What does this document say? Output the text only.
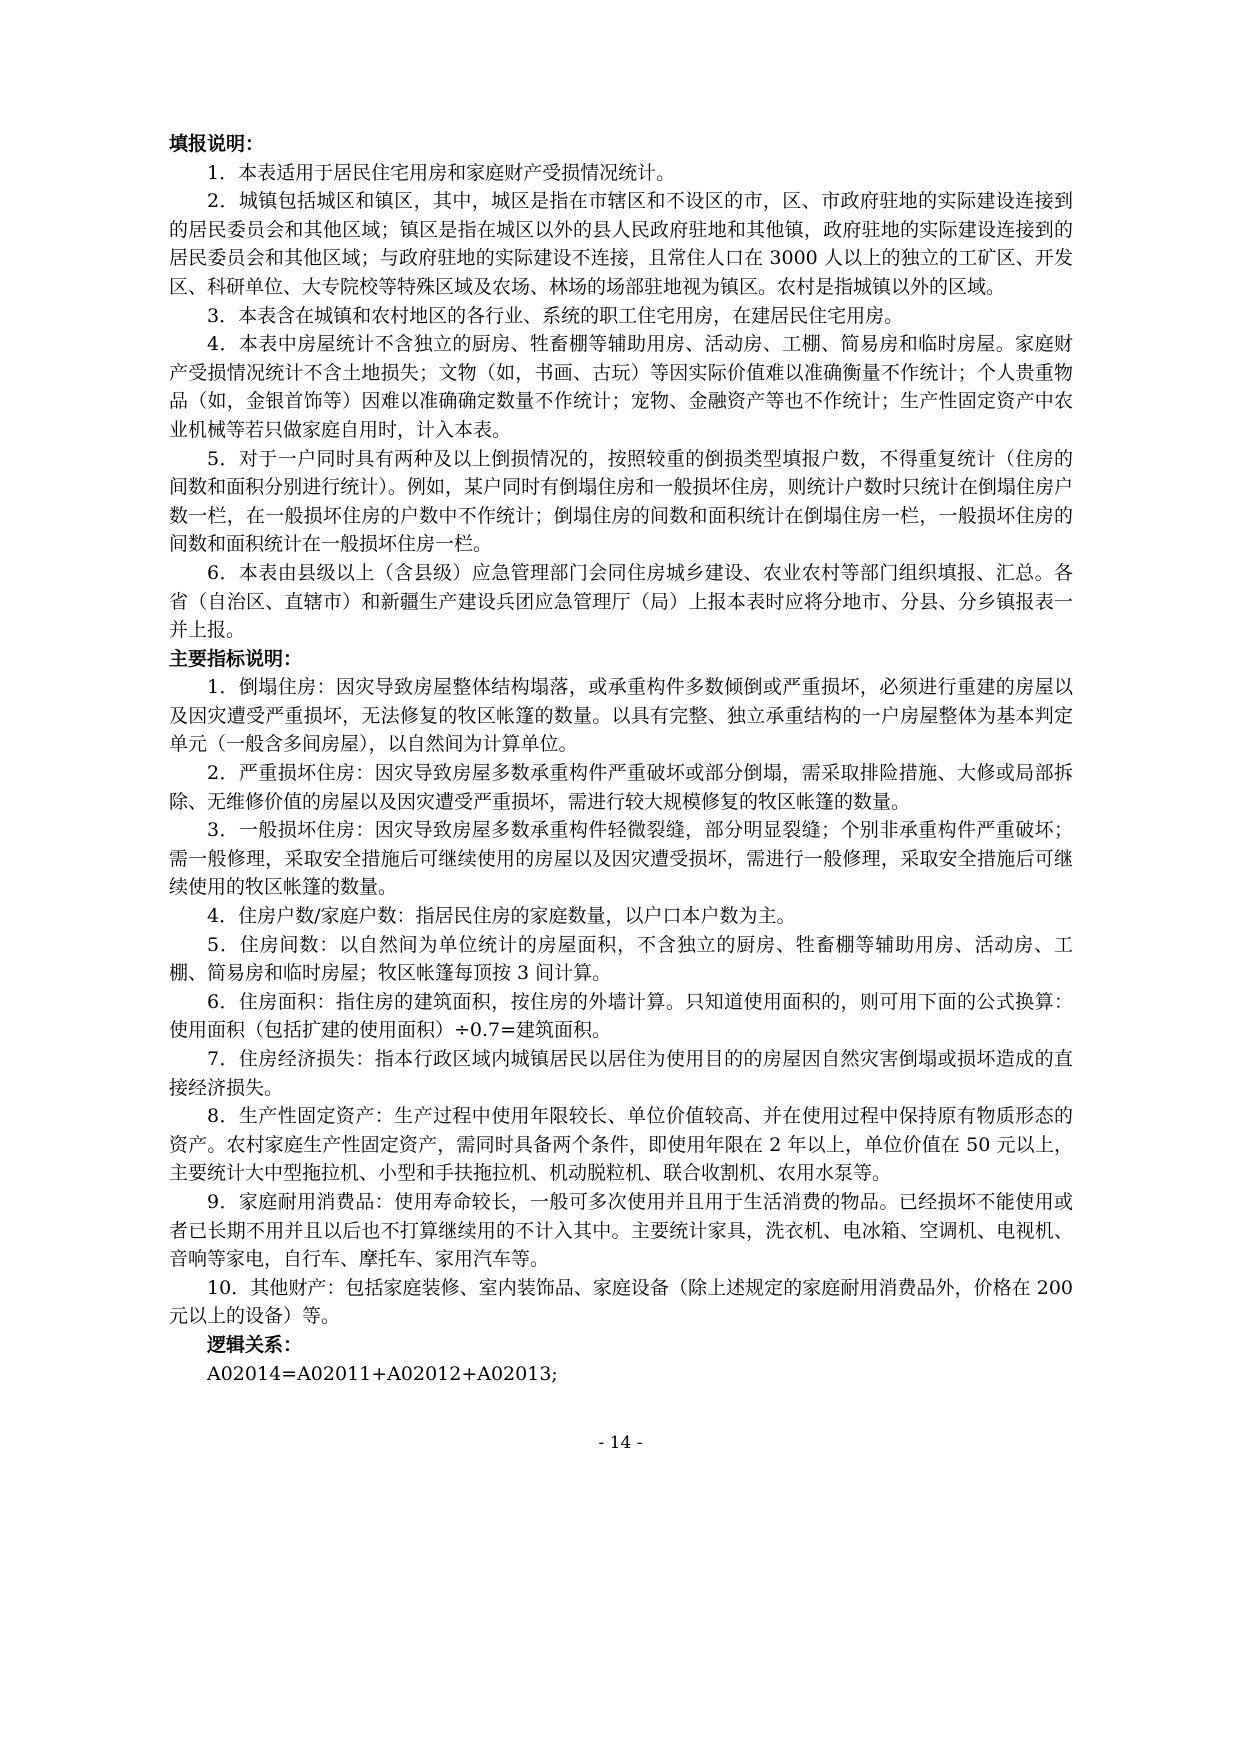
填报说明：

1．本表适用于居民住宅用房和家庭财产受损情况统计。

2．城镇包括城区和镇区，其中，城区是指在市辖区和不设区的市，区、市政府驻地的实际建设连接到的居民委员会和其他区域；镇区是指在城区以外的县人民政府驻地和其他镇，政府驻地的实际建设连接到的居民委员会和其他区域；与政府驻地的实际建设不连接，且常住人口在 3000 人以上的独立的工矿区、开发区、科研单位、大专院校等特殊区域及农场、林场的场部驻地视为镇区。农村是指城镇以外的区域。

3．本表含在城镇和农村地区的各行业、系统的职工住宅用房，在建居民住宅用房。

4．本表中房屋统计不含独立的厨房、牲畜棚等辅助用房、活动房、工棚、简易房和临时房屋。家庭财产受损情况统计不含土地损失；文物（如，书画、古玩）等因实际价值难以准确衡量不作统计；个人贵重物品（如，金银首饰等）因难以准确确定数量不作统计；宠物、金融资产等也不作统计；生产性固定资产中农业机械等若只做家庭自用时，计入本表。

5．对于一户同时具有两种及以上倒损情况的，按照较重的倒损类型填报户数，不得重复统计（住房的间数和面积分别进行统计）。例如，某户同时有倒塌住房和一般损坏住房，则统计户数时只统计在倒塌住房户数一栏，在一般损坏住房的户数中不作统计；倒塌住房的间数和面积统计在倒塌住房一栏，一般损坏住房的间数和面积统计在一般损坏住房一栏。

6．本表由县级以上（含县级）应急管理部门会同住房城乡建设、农业农村等部门组织填报、汇总。各省（自治区、直辖市）和新疆生产建设兵团应急管理厅（局）上报本表时应将分地市、分县、分乡镇报表一并上报。

主要指标说明：

1．倒塌住房：因灾导致房屋整体结构塌落，或承重构件多数倾倒或严重损坏，必须进行重建的房屋以及因灾遭受严重损坏，无法修复的牧区帐篷的数量。以具有完整、独立承重结构的一户房屋整体为基本判定单元（一般含多间房屋），以自然间为计算单位。

2．严重损坏住房：因灾导致房屋多数承重构件严重破坏或部分倒塌，需采取排险措施、大修或局部拆除、无维修价值的房屋以及因灾遭受严重损坏，需进行较大规模修复的牧区帐篷的数量。

3．一般损坏住房：因灾导致房屋多数承重构件轻微裂缝，部分明显裂缝；个别非承重构件严重破坏；需一般修理，采取安全措施后可继续使用的房屋以及因灾遭受损坏，需进行一般修理，采取安全措施后可继续使用的牧区帐篷的数量。

4．住房户数/家庭户数：指居民住房的家庭数量，以户口本户数为主。

5．住房间数：以自然间为单位统计的房屋面积，不含独立的厨房、牲畜棚等辅助用房、活动房、工棚、简易房和临时房屋；牧区帐篷每顶按 3 间计算。

6．住房面积：指住房的建筑面积，按住房的外墙计算。只知道使用面积的，则可用下面的公式换算：使用面积（包括扩建的使用面积）÷0.7=建筑面积。

7．住房经济损失：指本行政区域内城镇居民以居住为使用目的的房屋因自然灾害倒塌或损坏造成的直接经济损失。

8．生产性固定资产：生产过程中使用年限较长、单位价值较高、并在使用过程中保持原有物质形态的资产。农村家庭生产性固定资产，需同时具备两个条件，即使用年限在 2 年以上，单位价值在 50 元以上，主要统计大中型拖拉机、小型和手扶拖拉机、机动脱粒机、联合收割机、农用水泵等。

9．家庭耐用消费品：使用寿命较长，一般可多次使用并且用于生活消费的物品。已经损坏不能使用或者已长期不用并且以后也不打算继续用的不计入其中。主要统计家具，洗衣机、电冰箱、空调机、电视机、音响等家电，自行车、摩托车、家用汽车等。

10．其他财产：包括家庭装修、室内装饰品、家庭设备（除上述规定的家庭耐用消费品外，价格在 200 元以上的设备）等。

逻辑关系：

A02014=A02011+A02012+A02013;

- 14 -
